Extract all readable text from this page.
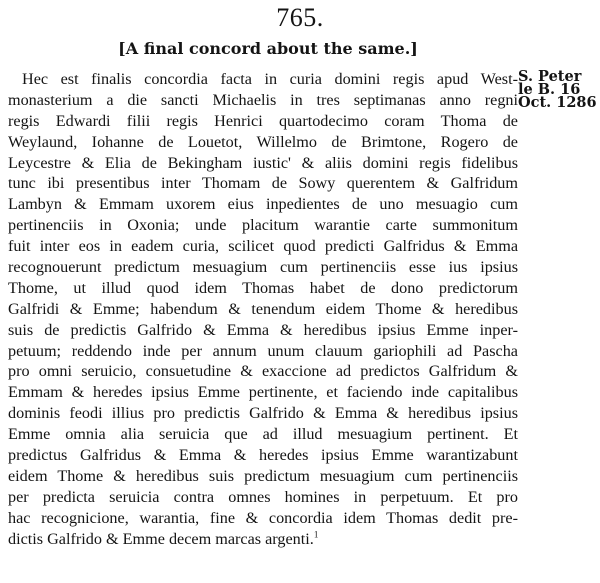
765.
[A final concord about the same.]
S. Peter
le B. 16
Oct. 1286
Hec est finalis concordia facta in curia domini regis apud West-
monasterium a die sancti Michaelis in tres septimanas anno regni
regis Edwardi filii regis Henrici quartodecimo coram Thoma de
Weylaund, Iohanne de Louetot, Willelmo de Brimtone, Rogero de
Leycestre & Elia de Bekingham iustic' & aliis domini regis fidelibus
tunc ibi presentibus inter Thomam de Sowy querentem & Galfridum
Lambyn & Emmam uxorem eius inpedientes de uno mesuagio cum
pertinenciis in Oxonia; unde placitum warantie carte summonitum
fuit inter eos in eadem curia, scilicet quod predicti Galfridus & Emma
recognouerunt predictum mesuagium cum pertinenciis esse ius ipsius
Thome, ut illud quod idem Thomas habet de dono predictorum
Galfridi & Emme; habendum & tenendum eidem Thome & heredibus
suis de predictis Galfrido & Emma & heredibus ipsius Emme inper-
petuum; reddendo inde per annum unum clauum gariophili ad Pascha
pro omni seruicio, consuetudine & exaccione ad predictos Galfridum &
Emmam & heredes ipsius Emme pertinente, et faciendo inde capitalibus
dominis feodi illius pro predictis Galfrido & Emma & heredibus ipsius
Emme omnia alia seruicia que ad illud mesuagium pertinent. Et
predictus Galfridus & Emma & heredes ipsius Emme warantizabunt
eidem Thome & heredibus suis predictum mesuagium cum pertinenciis
per predicta seruicia contra omnes homines in perpetuum. Et pro
hac recognicione, warantia, fine & concordia idem Thomas dedit pre-
dictis Galfrido & Emme decem marcas argenti.$^1$
